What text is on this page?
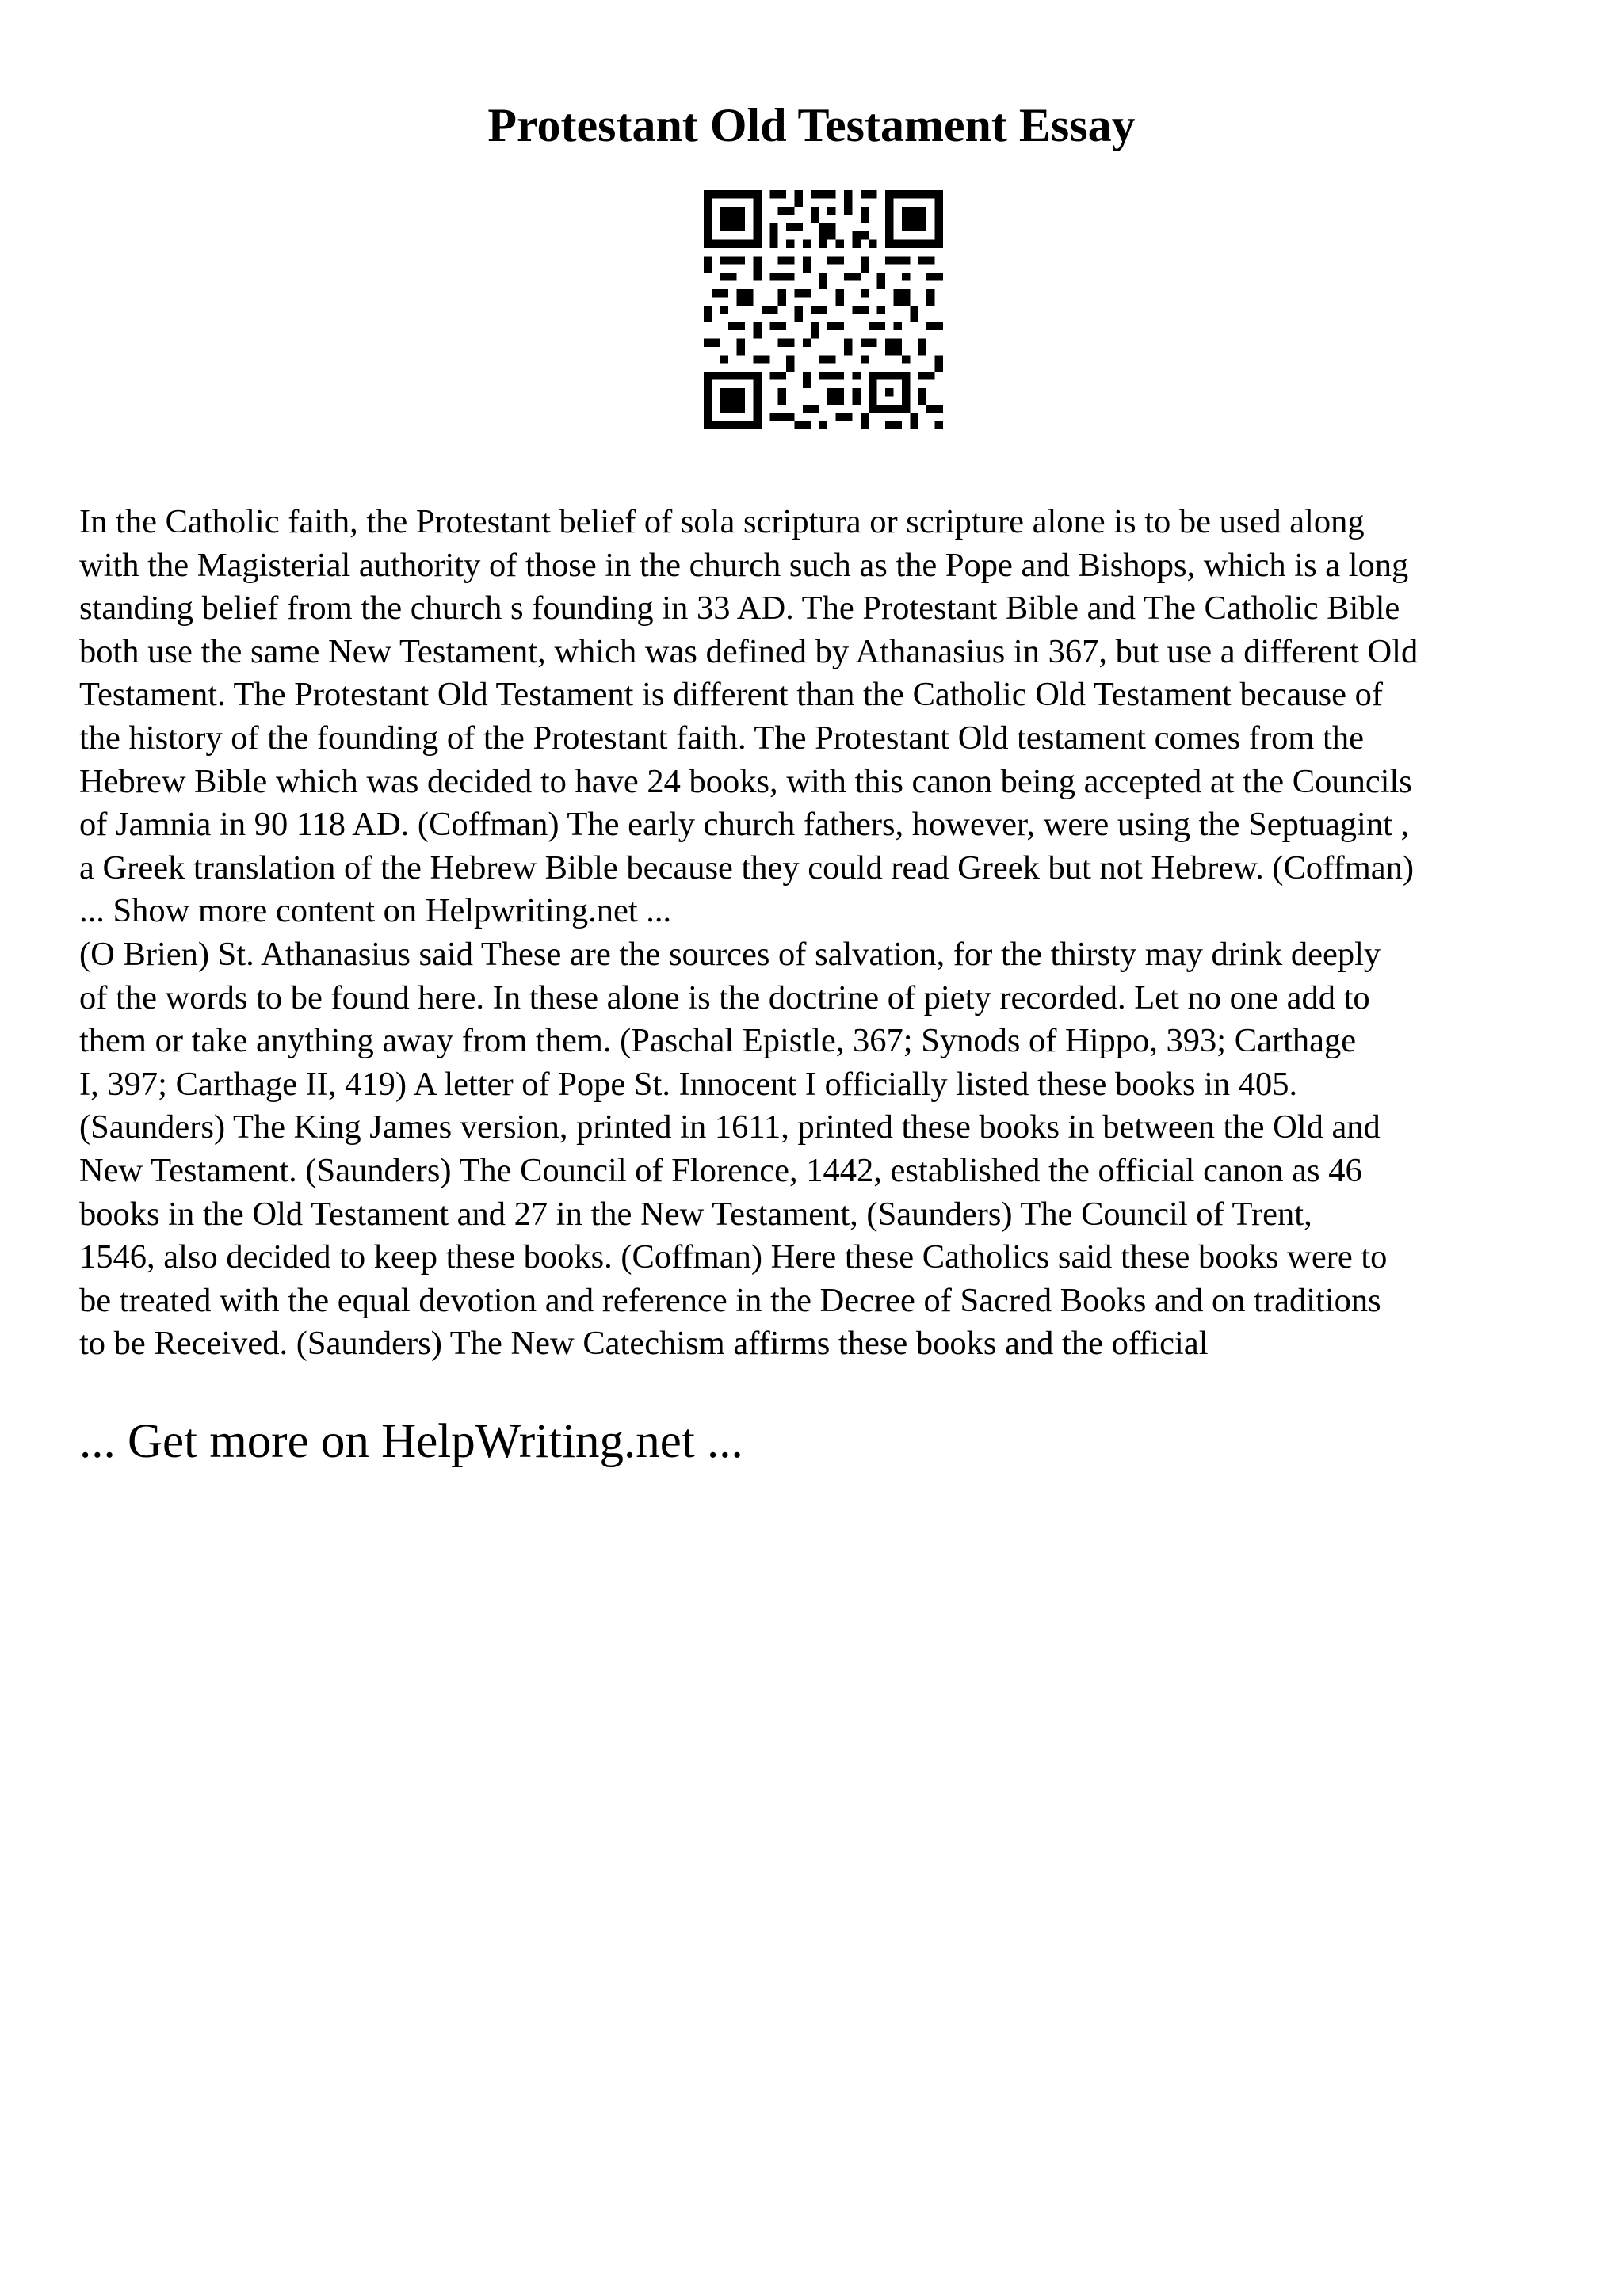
Protestant Old Testament Essay
In the Catholic faith, the Protestant belief of sola scriptura or scripture alone is to be used along
with the Magisterial authority of those in the church such as the Pope and Bishops, which is a long
standing belief from the church s founding in 33 AD. The Protestant Bible and The Catholic Bible
both use the same New Testament, which was defined by Athanasius in 367, but use a different Old
Testament. The Protestant Old Testament is different than the Catholic Old Testament because of
the history of the founding of the Protestant faith. The Protestant Old testament comes from the
Hebrew Bible which was decided to have 24 books, with this canon being accepted at the Councils
of Jamnia in 90 118 AD. (Coffman) The early church fathers, however, were using the Septuagint ,
a Greek translation of the Hebrew Bible because they could read Greek but not Hebrew. (Coffman)
... Show more content on Helpwriting.net ...
(O Brien) St. Athanasius said These are the sources of salvation, for the thirsty may drink deeply
of the words to be found here. In these alone is the doctrine of piety recorded. Let no one add to
them or take anything away from them. (Paschal Epistle, 367; Synods of Hippo, 393; Carthage
I, 397; Carthage II, 419) A letter of Pope St. Innocent I officially listed these books in 405.
(Saunders) The King James version, printed in 1611, printed these books in between the Old and
New Testament. (Saunders) The Council of Florence, 1442, established the official canon as 46
books in the Old Testament and 27 in the New Testament, (Saunders) The Council of Trent,
1546, also decided to keep these books. (Coffman) Here these Catholics said these books were to
be treated with the equal devotion and reference in the Decree of Sacred Books and on traditions
to be Received. (Saunders) The New Catechism affirms these books and the official
... Get more on HelpWriting.net ...
